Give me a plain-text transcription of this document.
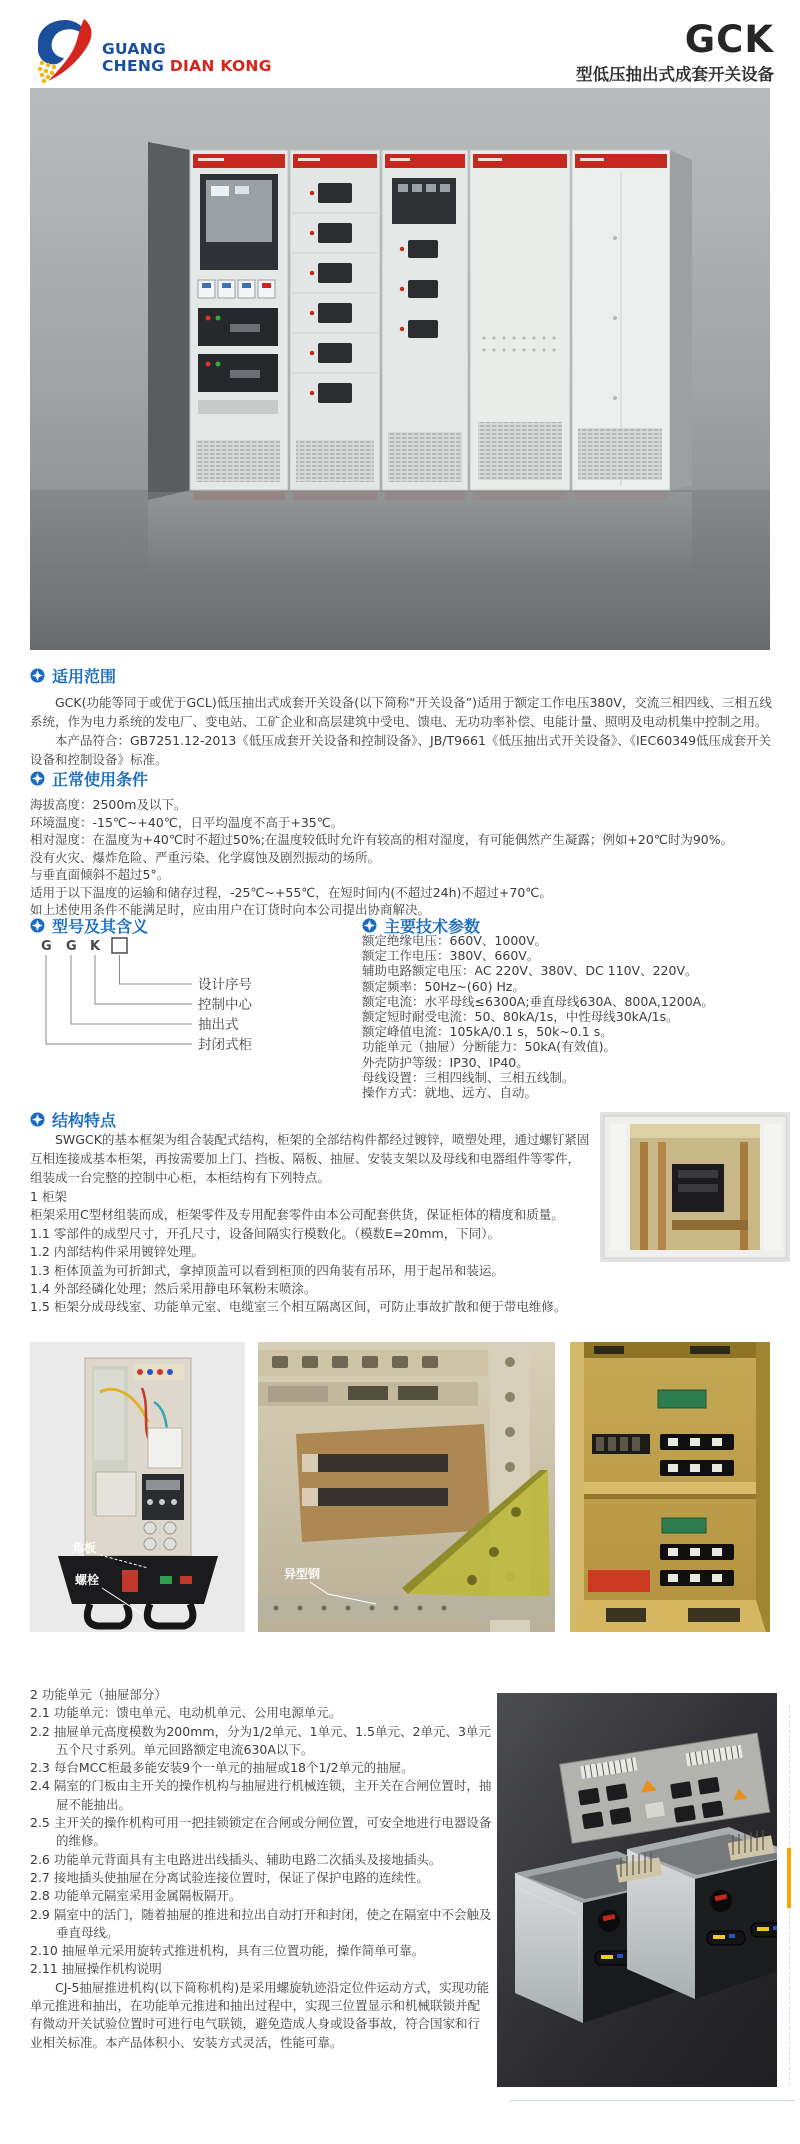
GUANG
CHENG DIAN KONG
GCK
型低压抽出式成套开关设备
适用范围

GCK(功能等同于或优于GCL)低压抽出式成套开关设备(以下简称“开关设备”)适用于额定工作电压380V，交流三相四线、三相五线系统，作为电力系统的发电厂、变电站、工矿企业和高层建筑中受电、馈电、无功功率补偿、电能计量、照明及电动机集中控制之用。

本产品符合：GB7251.12-2013《低压成套开关设备和控制设备》、JB/T9661《低压抽出式开关设备》、《IEC60349低压成套开关设备和控制设备》标准。

正常使用条件

海拔高度：2500m及以下。

环境温度：-15℃~+40℃，日平均温度不高于+35℃。

相对湿度：在温度为+40℃时不超过50%;在温度较低时允许有较高的相对湿度，有可能偶然产生凝露；例如+20℃时为90%。

没有火灾、爆炸危险、严重污染、化学腐蚀及剧烈振动的场所。

与垂直面倾斜不超过5°。

适用于以下温度的运输和储存过程，-25℃~+55℃，在短时间内(不超过24h)不超过+70℃。

如上述使用条件不能满足时，应由用户在订货时向本公司提出协商解决。

型号及其含义
G G K
设计序号
控制中心
抽出式
封闭式柜
主要技术参数

额定绝缘电压：660V、1000V。

额定工作电压：380V、660V。

辅助电路额定电压：AC 220V、380V、DC 110V、220V。

额定频率：50Hz~(60) Hz。

额定电流：水平母线≤6300A;垂直母线630A、800A,1200A。

额定短时耐受电流：50、80kA/1s，中性母线30kA/1s。

额定峰值电流：105kA/0.1 s，50k~0.1 s。

功能单元（抽屉）分断能力：50kA(有效值)。

外壳防护等级：IP30、IP40。

母线设置：三相四线制、三相五线制。

操作方式：就地、远方、自动。

结构特点

SWGCK的基本框架为组合装配式结构，柜架的全部结构件都经过镀锌，喷塑处理，通过螺钉紧固互相连接成基本柜架，再按需要加上门、挡板、隔板、抽屉、安装支架以及母线和电器组件等零件，组装成一台完整的控制中心柜，本柜结构有下列特点。

1 柜架

柜架采用C型材组装而成，柜架零件及专用配套零件由本公司配套供货，保证柜体的精度和质量。

1.1 零部件的成型尺寸，开孔尺寸，设备间隔实行模数化。（模数E=20mm，下同）。

1.2 内部结构件采用镀锌处理。

1.3 柜体顶盖为可折卸式，拿掉顶盖可以看到柜顶的四角装有吊环，用于起吊和装运。

1.4 外部经磷化处理；然后采用静电环氧粉末喷涂。

1.5 柜架分成母线室、功能单元室、电缆室三个相互隔离区间，可防止事故扩散和便于带电维修。

角板
螺栓	异型钢

2 功能单元（抽屉部分）

2.1 功能单元：馈电单元、电动机单元、公用电源单元。

2.2 抽屉单元高度模数为200mm，分为1/2单元、1单元、1.5单元、2单元、3单元五个尺寸系列。单元回路额定电流630A以下。

2.3 每台MCC柜最多能安装9个一单元的抽屉或18个1/2单元的抽屉。

2.4 隔室的门板由主开关的操作机构与抽屉进行机械连锁，主开关在合闸位置时，抽屉不能抽出。

2.5 主开关的操作机构可用一把挂锁锁定在合闸或分闸位置，可安全地进行电器设备的维修。

2.6 功能单元背面具有主电路进出线插头、辅助电路二次插头及接地插头。

2.7 接地插头使抽屉在分离试验连接位置时，保证了保护电路的连续性。

2.8 功能单元隔室采用金属隔板隔开。

2.9 隔室中的活门，随着抽屉的推进和拉出自动打开和封闭，使之在隔室中不会触及垂直母线。

2.10 抽屉单元采用旋转式推进机构，具有三位置功能，操作简单可靠。

2.11 抽屉操作机构说明

CJ-5抽屉推进机构(以下简称机构)是采用螺旋轨迹沿定位件运动方式，实现功能单元推进和抽出，在功能单元推进和抽出过程中，实现三位置显示和机械联锁并配有微动开关试验位置时可进行电气联锁，避免造成人身或设备事故，符合国家和行业相关标准。本产品体积小、安装方式灵活，性能可靠。
